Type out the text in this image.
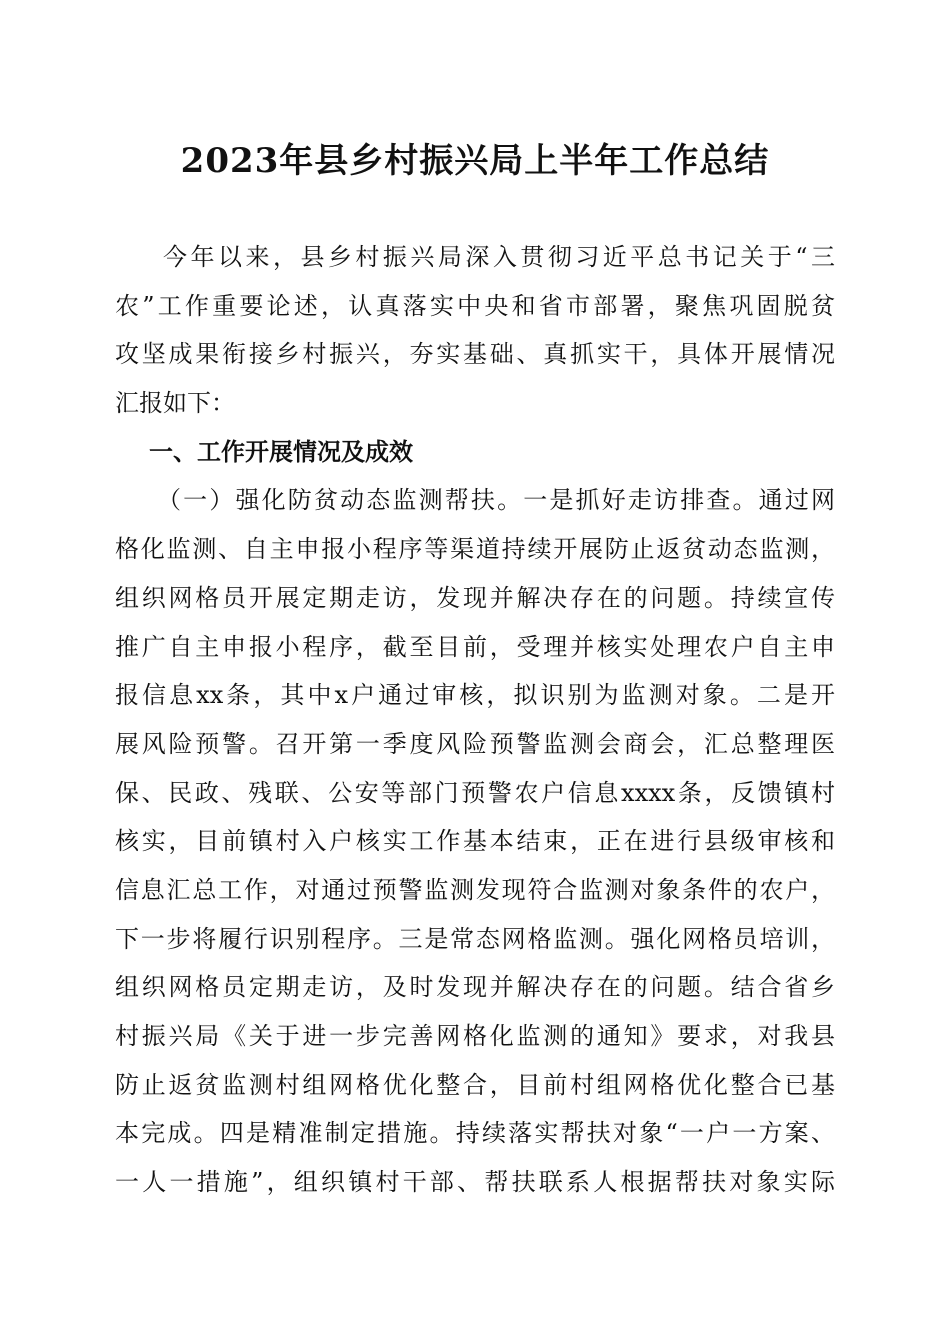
2023年县乡村振兴局上半年工作总结
今年以来，县乡村振兴局深入贯彻习近平总书记关于“三
农”工作重要论述，认真落实中央和省市部署，聚焦巩固脱贫
攻坚成果衔接乡村振兴，夯实基础、真抓实干，具体开展情况
汇报如下：
一、工作开展情况及成效
（一）强化防贫动态监测帮扶。一是抓好走访排查。通过网
格化监测、自主申报小程序等渠道持续开展防止返贫动态监测，
组织网格员开展定期走访，发现并解决存在的问题。持续宣传
推广自主申报小程序，截至目前，受理并核实处理农户自主申
报信息xx条，其中x户通过审核，拟识别为监测对象。二是开
展风险预警。召开第一季度风险预警监测会商会，汇总整理医
保、民政、残联、公安等部门预警农户信息xxxx条，反馈镇村
核实，目前镇村入户核实工作基本结束，正在进行县级审核和
信息汇总工作，对通过预警监测发现符合监测对象条件的农户，
下一步将履行识别程序。三是常态网格监测。强化网格员培训，
组织网格员定期走访，及时发现并解决存在的问题。结合省乡
村振兴局《关于进一步完善网格化监测的通知》要求，对我县
防止返贫监测村组网格优化整合，目前村组网格优化整合已基
本完成。四是精准制定措施。持续落实帮扶对象“一户一方案、
一人一措施”，组织镇村干部、帮扶联系人根据帮扶对象实际
